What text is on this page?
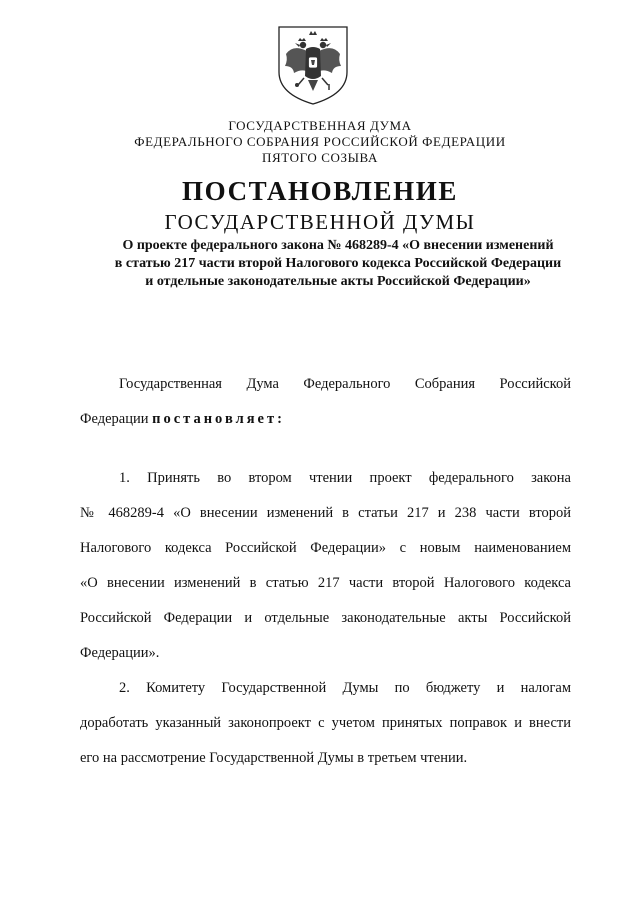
ГОСУДАРСТВЕННАЯ ДУМА
ФЕДЕРАЛЬНОГО СОБРАНИЯ РОССИЙСКОЙ ФЕДЕРАЦИИ
ПЯТОГО СОЗЫВА
ПОСТАНОВЛЕНИЕ
ГОСУДАРСТВЕННОЙ ДУМЫ
О проекте федерального закона № 468289-4 «О внесении изменений
в статью 217 части второй Налогового кодекса Российской Федерации
и отдельные законодательные акты Российской Федерации»
Государственная Дума Федерального Собрания Российской
Федерации постановляет:
1. Принять во втором чтении проект федерального закона
№ 468289-4 «О внесении изменений в статьи 217 и 238 части второй
Налогового кодекса Российской Федерации» с новым наименованием
«О внесении изменений в статью 217 части второй Налогового кодекса
Российской Федерации и отдельные законодательные акты Российской
Федерации».
2. Комитету Государственной Думы по бюджету и налогам
доработать указанный законопроект с учетом принятых поправок и внести
его на рассмотрение Государственной Думы в третьем чтении.
